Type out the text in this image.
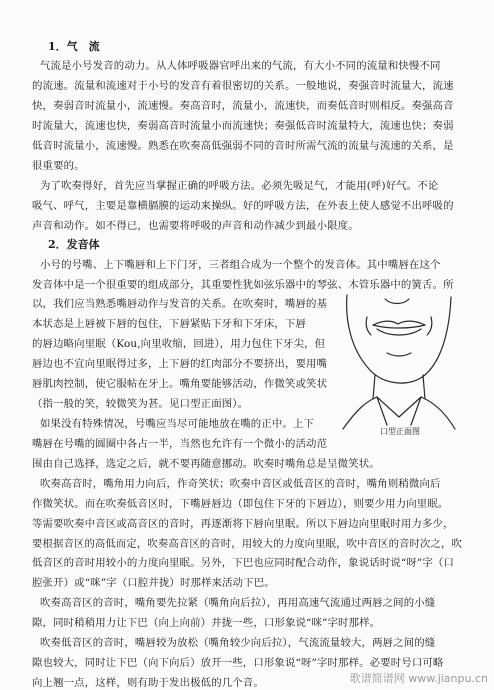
1．气　流
气流是小号发音的动力。从人体呼吸器官呼出来的气流，有大小不同的流量和快慢不同
的流速。流量和流速对于小号的发音有着很密切的关系。一般地说，奏强音时流量大，流速
快，奏弱音时流量小，流速慢。奏高音时，流量小，流速快，而奏低音时则相反。奏强高音
时流量大，流速也快，奏弱高音时流量小而流速快；奏强低音时流量特大，流速也快；奏弱
低音时流量小，流速慢。熟悉在吹奏高低强弱不同的音时所需气流的流量与流速的关系，是
很重要的。
为了吹奏得好，首先应当掌握正确的呼吸方法。必须先吸足气，才能用(呼)好气。不论
吸气、呼气，主要是靠横膈膜的运动来操纵。好的呼吸方法，在外表上使人感觉不出呼吸的
声音和动作。如不得已，也需要将呼吸的声音和动作减少到最小限度。
2．发音体
小号的号嘴、上下嘴唇和上下门牙，三者组合成为一个整个的发音体。其中嘴唇在这个
发音体中是一个很重要的组成部分，其重要性犹如弦乐器中的琴弦、木管乐器中的簧舌。所
以，我们应当熟悉嘴唇动作与发音的关系。在吹奏时，嘴唇的基
本状态是上唇被下唇的包住，下唇紧贴下牙和下牙床，下唇
的唇边略向里眠（Kou,向里收缩，回进），用力包住下牙尖，但
唇边也不宜向里眠得过多，上下唇的红肉部分不要挤出，要用嘴
唇肌肉控制，使它服帖在牙上。嘴角要能够活动，作微笑或笑状
（指一般的笑，较微笑为甚。见口型正面图）。
如果没有特殊情况，号嘴应当尽可能地放在嘴的正中。上下
嘴唇在号嘴的圆圈中各占一半，当然也允许有一个微小的活动范
围由自己选择，选定之后，就不要再随意挪动。吹奏时嘴角总是呈微笑状。
吹奏高音时，嘴角用力向后，作奇笑状；吹奏中音区或低音区的音时，嘴角则稍微向后
作微笑状。而在吹奏低音区时，下嘴唇唇边（即包住下牙的下唇边），则要少用力向里眠。
等需要吹奏中音区或高音区的音时，再逐渐将下唇向里眠。所以下唇边向里眠时用力多少，
要根据音区的高低而定，吹奏高音区的音时，用较大的力度向里眠，吹中音区的音时次之，吹
低音区的音时用较小的力度向里眠。另外，下巴也应同时配合动作，象说话时说“呀”字（口
腔张开）或“咪”字（口腔并拢）时那样来活动下巴。
吹奏高音区的音时，嘴角要先拉紧（嘴角向后拉），再用高速气流通过两唇之间的小缝
隙，同时稍稍用力让下巴（向上向前）并拢一些，口形象说“咪”字时那样。
吹奏低音区的音时，嘴唇较为放松（嘴角较少向后拉），气流流量较大，两唇之间的缝
隙也较大，同时让下巴（向下向后）放开一些，口形象说“呀”字时那样。必要时号口可略
向上翘一点，这样，则有助于发出极低的几个音。
口型正面图
歌谱简谱网 www.jianpu.cn
